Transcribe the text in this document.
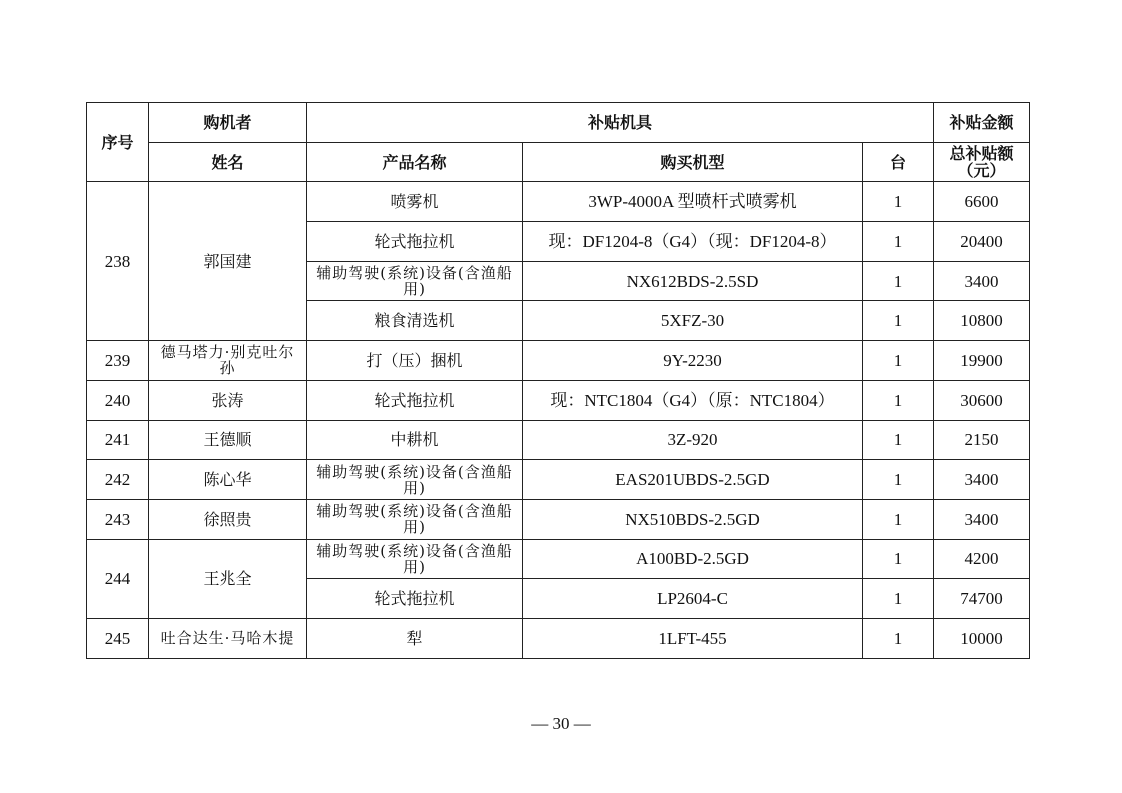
序号	购机者	补贴机具			补贴金额
	姓名	产品名称	购买机型	台	总补贴额（元）
238	郭国建	喷雾机	3WP-4000A 型喷杆式喷雾机	1	6600
		轮式拖拉机	现：DF1204-8（G4）（现：DF1204-8）	1	20400
		辅助驾驶(系统)设备(含渔船用)	NX612BDS-2.5SD	1	3400
		粮食清选机	5XFZ-30	1	10800
239	德马塔力·别克吐尔孙	打（压）捆机	9Y-2230	1	19900
240	张涛	轮式拖拉机	现：NTC1804（G4）（原：NTC1804）	1	30600
241	王德顺	中耕机	3Z-920	1	2150
242	陈心华	辅助驾驶(系统)设备(含渔船用)	EAS201UBDS-2.5GD	1	3400
243	徐照贵	辅助驾驶(系统)设备(含渔船用)	NX510BDS-2.5GD	1	3400
244	王兆全	辅助驾驶(系统)设备(含渔船用)	A100BD-2.5GD	1	4200
		轮式拖拉机	LP2604-C	1	74700
245	吐合达生·马哈木提	犁	1LFT-455	1	10000
— 30 —
